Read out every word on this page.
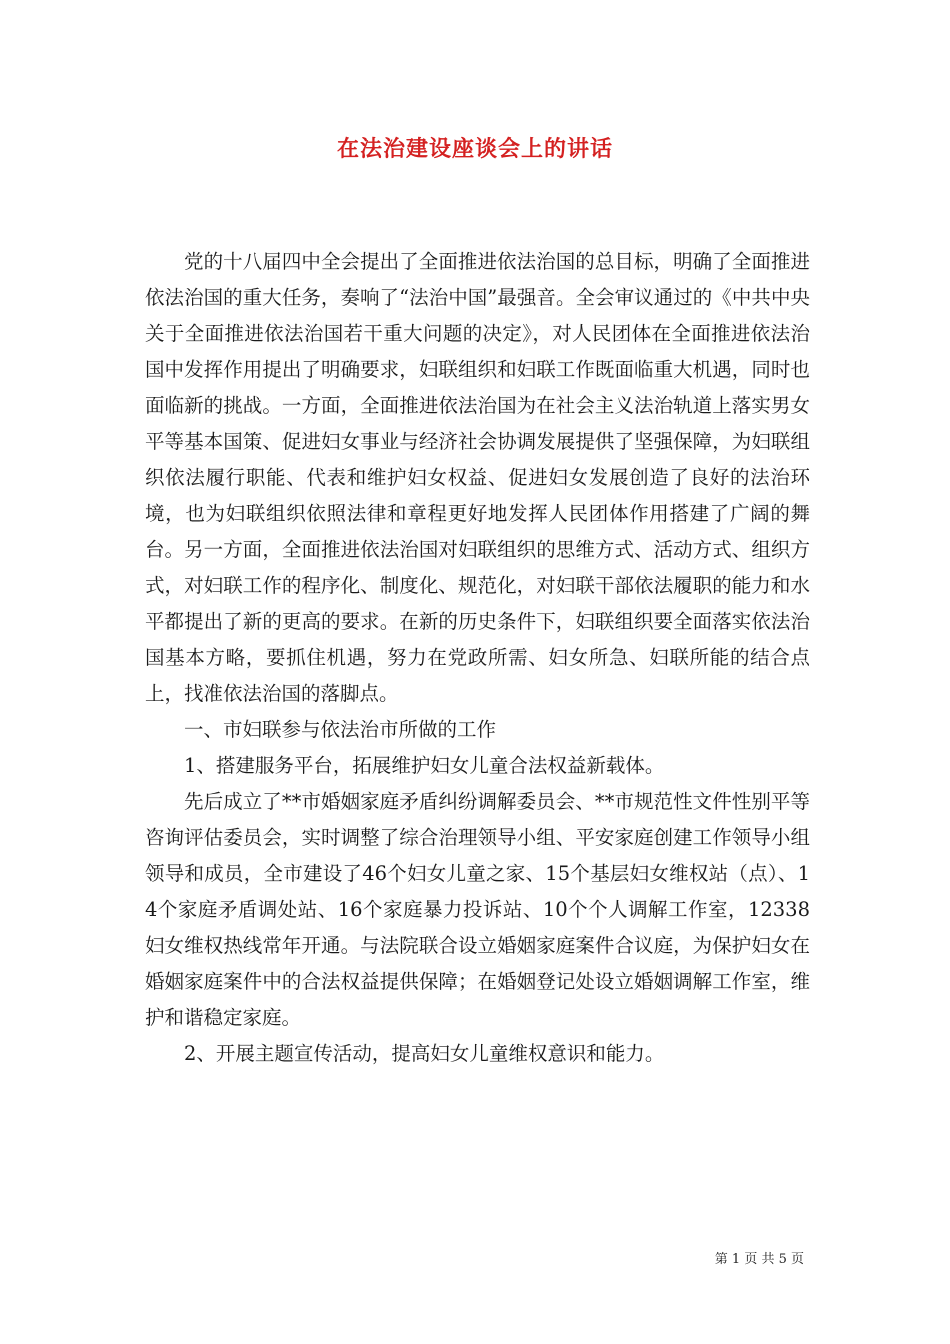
在法治建设座谈会上的讲话

党的十八届四中全会提出了全面推进依法治国的总目标，明确了全面推进依法治国的重大任务，奏响了“法治中国”最强音。全会审议通过的《中共中央关于全面推进依法治国若干重大问题的决定》，对人民团体在全面推进依法治国中发挥作用提出了明确要求，妇联组织和妇联工作既面临重大机遇，同时也面临新的挑战。一方面，全面推进依法治国为在社会主义法治轨道上落实男女平等基本国策、促进妇女事业与经济社会协调发展提供了坚强保障，为妇联组织依法履行职能、代表和维护妇女权益、促进妇女发展创造了良好的法治环境，也为妇联组织依照法律和章程更好地发挥人民团体作用搭建了广阔的舞台。另一方面，全面推进依法治国对妇联组织的思维方式、活动方式、组织方式，对妇联工作的程序化、制度化、规范化，对妇联干部依法履职的能力和水平都提出了新的更高的要求。在新的历史条件下，妇联组织要全面落实依法治国基本方略，要抓住机遇，努力在党政所需、妇女所急、妇联所能的结合点上，找准依法治国的落脚点。

一、市妇联参与依法治市所做的工作

1、搭建服务平台，拓展维护妇女儿童合法权益新载体。

先后成立了**市婚姻家庭矛盾纠纷调解委员会、**市规范性文件性别平等咨询评估委员会，实时调整了综合治理领导小组、平安家庭创建工作领导小组领导和成员，全市建设了46个妇女儿童之家、15个基层妇女维权站（点）、14个家庭矛盾调处站、16个家庭暴力投诉站、10个个人调解工作室，12338妇女维权热线常年开通。与法院联合设立婚姻家庭案件合议庭，为保护妇女在婚姻家庭案件中的合法权益提供保障；在婚姻登记处设立婚姻调解工作室，维护和谐稳定家庭。

2、开展主题宣传活动，提高妇女儿童维权意识和能力。

第 1 页 共 5 页
